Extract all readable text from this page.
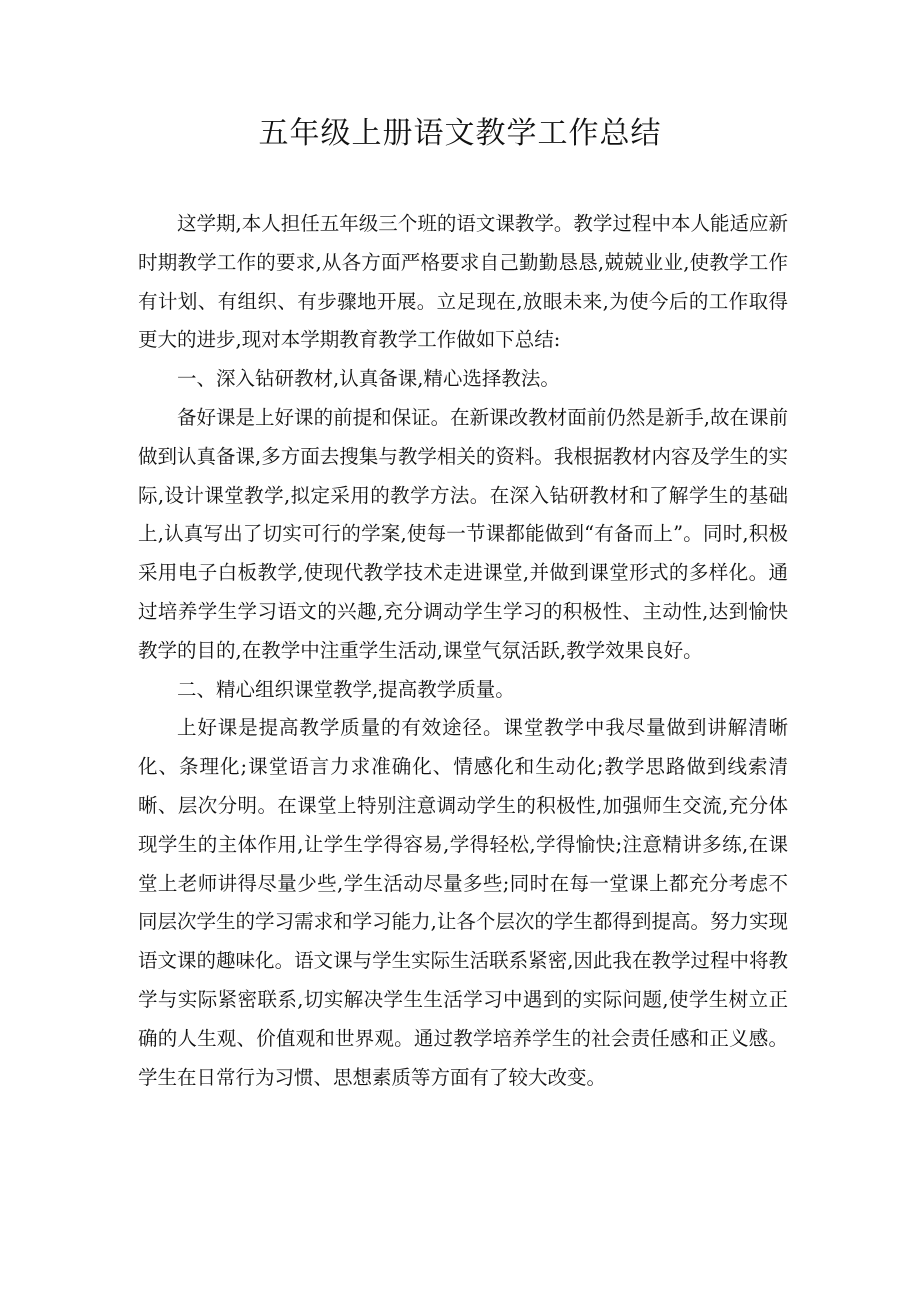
五年级上册语文教学工作总结

这学期,本人担任五年级三个班的语文课教学。教学过程中本人能适应新时期教学工作的要求,从各方面严格要求自己勤勤恳恳,兢兢业业,使教学工作有计划、有组织、有步骤地开展。立足现在,放眼未来,为使今后的工作取得更大的进步,现对本学期教育教学工作做如下总结:

一、深入钻研教材,认真备课,精心选择教法。

备好课是上好课的前提和保证。在新课改教材面前仍然是新手,故在课前做到认真备课,多方面去搜集与教学相关的资料。我根据教材内容及学生的实际,设计课堂教学,拟定采用的教学方法。在深入钻研教材和了解学生的基础上,认真写出了切实可行的学案,使每一节课都能做到“有备而上”。同时,积极采用电子白板教学,使现代教学技术走进课堂,并做到课堂形式的多样化。通过培养学生学习语文的兴趣,充分调动学生学习的积极性、主动性,达到愉快教学的目的,在教学中注重学生活动,课堂气氛活跃,教学效果良好。

二、精心组织课堂教学,提高教学质量。

上好课是提高教学质量的有效途径。课堂教学中我尽量做到讲解清晰化、条理化;课堂语言力求准确化、情感化和生动化;教学思路做到线索清晰、层次分明。在课堂上特别注意调动学生的积极性,加强师生交流,充分体现学生的主体作用,让学生学得容易,学得轻松,学得愉快;注意精讲多练,在课堂上老师讲得尽量少些,学生活动尽量多些;同时在每一堂课上都充分考虑不同层次学生的学习需求和学习能力,让各个层次的学生都得到提高。努力实现语文课的趣味化。语文课与学生实际生活联系紧密,因此我在教学过程中将教学与实际紧密联系,切实解决学生生活学习中遇到的实际问题,使学生树立正确的人生观、价值观和世界观。通过教学培养学生的社会责任感和正义感。学生在日常行为习惯、思想素质等方面有了较大改变。
